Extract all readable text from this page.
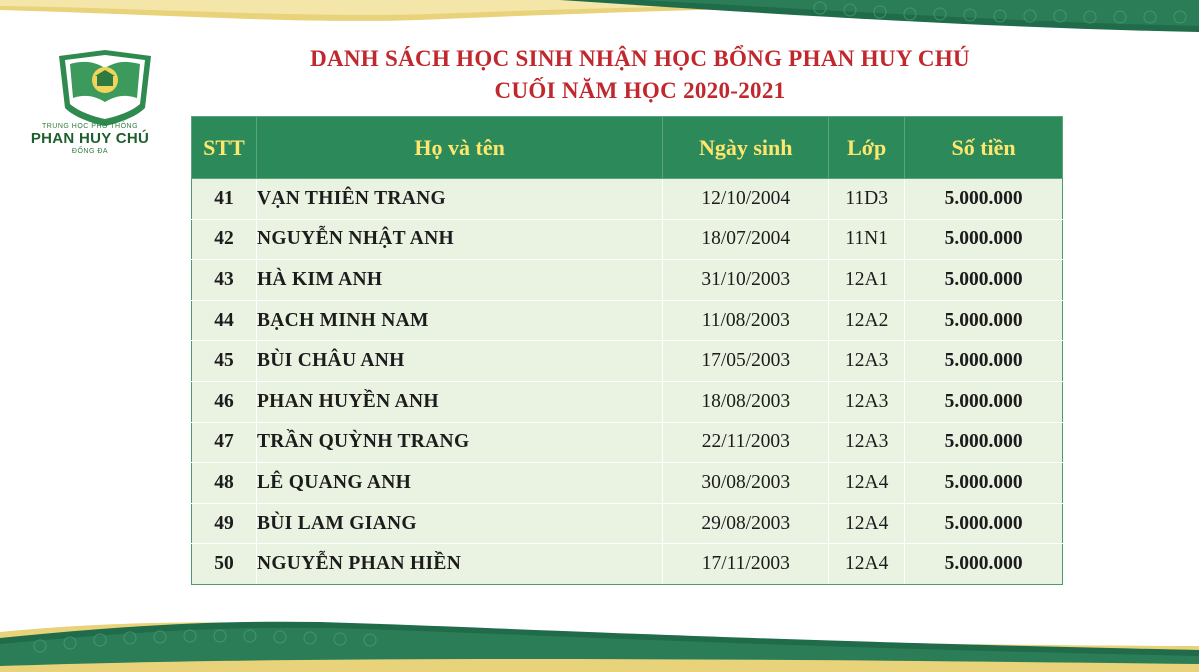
TRUNG HỌC PHỔ THÔNG
PHAN HUY CHÚ
ĐỐNG ĐA
DANH SÁCH HỌC SINH NHẬN HỌC BỔNG PHAN HUY CHÚ
CUỐI NĂM HỌC 2020-2021
STT	Họ và tên	Ngày sinh	Lớp	Số tiền
41	VẠN THIÊN TRANG	12/10/2004	11D3	5.000.000
42	NGUYỄN NHẬT ANH	18/07/2004	11N1	5.000.000
43	HÀ KIM ANH	31/10/2003	12A1	5.000.000
44	BẠCH MINH NAM	11/08/2003	12A2	5.000.000
45	BÙI CHÂU ANH	17/05/2003	12A3	5.000.000
46	PHAN HUYỀN ANH	18/08/2003	12A3	5.000.000
47	TRẦN QUỲNH TRANG	22/11/2003	12A3	5.000.000
48	LÊ QUANG ANH	30/08/2003	12A4	5.000.000
49	BÙI LAM GIANG	29/08/2003	12A4	5.000.000
50	NGUYỄN PHAN HIỀN	17/11/2003	12A4	5.000.000
